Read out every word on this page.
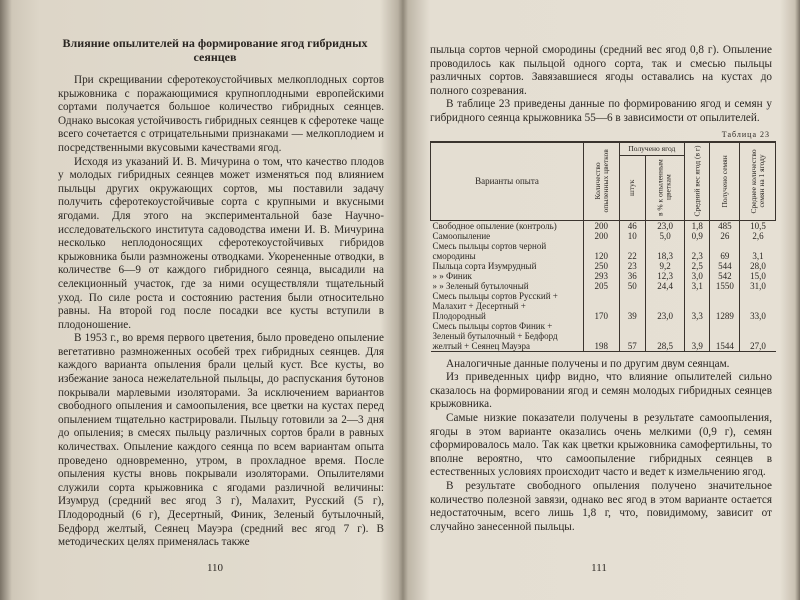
Влияние опылителей на формирование ягод гибридных сеянцев

При скрещивании сферотекоустойчивых мелкоплодных сортов крыжовника с поражающимися крупноплодными европейскими сортами получается большое количество гибридных сеянцев. Однако высокая устойчивость гибридных сеянцев к сферотеке чаще всего сочетается с отрицательными признаками — мелкоплодием и посредственными вкусовыми качествами ягод.

Исходя из указаний И. В. Мичурина о том, что качество плодов у молодых гибридных сеянцев может изменяться под влиянием пыльцы других окружающих сортов, мы поставили задачу получить сферотекоустойчивые сорта с крупными и вкусными ягодами. Для этого на экспериментальной базе Научно-исследовательского института садоводства имени И. В. Мичурина несколько неплодоносящих сферотекоустойчивых гибридов крыжовника были размножены отводками. Укорененные отводки, в количестве 6—9 от каждого гибридного сеянца, высадили на селекционный участок, где за ними осуществляли тщательный уход. По силе роста и состоянию растения были относительно равны. На второй год после посадки все кусты вступили в плодоношение.

В 1953 г., во время первого цветения, было проведено опыление вегетативно размноженных особей трех гибридных сеянцев. Для каждого варианта опыления брали целый куст. Все кусты, во избежание заноса нежелательной пыльцы, до распускания бутонов покрывали марлевыми изоляторами. За исключением вариантов свободного опыления и самоопыления, все цветки на кустах перед опылением тщательно кастрировали. Пыльцу готовили за 2—3 дня до опыления; в смесях пыльцу различных сортов брали в равных количествах. Опыление каждого сеянца по всем вариантам опыта проведено одновременно, утром, в прохладное время. После опыления кусты вновь покрывали изоляторами. Опылителями служили сорта крыжовника с ягодами различной величины: Изумруд (средний вес ягод 3 г), Малахит, Русский (5 г), Плодородный (6 г), Десертный, Финик, Зеленый бутылочный, Бедфорд желтый, Сеянец Мауэра (средний вес ягод 7 г). В методических целях применялась также

110

пыльца сортов черной смородины (средний вес ягод 0,8 г). Опыление проводилось как пыльцой одного сорта, так и смесью пыльцы различных сортов. Завязавшиеся ягоды оставались на кустах до полного созревания.

В таблице 23 приведены данные по формированию ягод и семян у гибридного сеянца крыжовника 55—6 в зависимости от опылителей.

Таблица 23
Варианты опыта	Количество опыленных цветков	Получено ягод		Средний вес ягод (в г)	Получено семян	Среднее количество семян на 1 ягоду
		штук	в % к опыленным цветкам			
Свободное опыление (контроль)	200	46	23,0	1,8	485	10,5
Самоопыление	200	10	5,0	0,9	26	2,6
Смесь пыльцы сортов черной смородины	120	22	18,3	2,3	69	3,1
Пыльца сорта Изумрудный	250	23	9,2	2,5	544	28,0
» » Финик	293	36	12,3	3,0	542	15,0
» » Зеленый бутылочный	205	50	24,4	3,1	1550	31,0
Смесь пыльцы сортов Русский + Малахит + Десертный + Плодородный	170	39	23,0	3,3	1289	33,0
Смесь пыльцы сортов Финик + Зеленый бутылочный + Бедфорд желтый + Сеянец Мауэра	198	57	28,5	3,9	1544	27,0

Аналогичные данные получены и по другим двум сеянцам.

Из приведенных цифр видно, что влияние опылителей сильно сказалось на формировании ягод и семян молодых гибридных сеянцев крыжовника.

Самые низкие показатели получены в результате самоопыления, ягоды в этом варианте оказались очень мелкими (0,9 г), семян сформировалось мало. Так как цветки крыжовника самофертильны, то вполне вероятно, что самоопыление гибридных сеянцев в естественных условиях происходит часто и ведет к измельчению ягод.

В результате свободного опыления получено значительное количество полезной завязи, однако вес ягод в этом варианте остается недостаточным, всего лишь 1,8 г, что, повидимому, зависит от случайно занесенной пыльцы.

111
